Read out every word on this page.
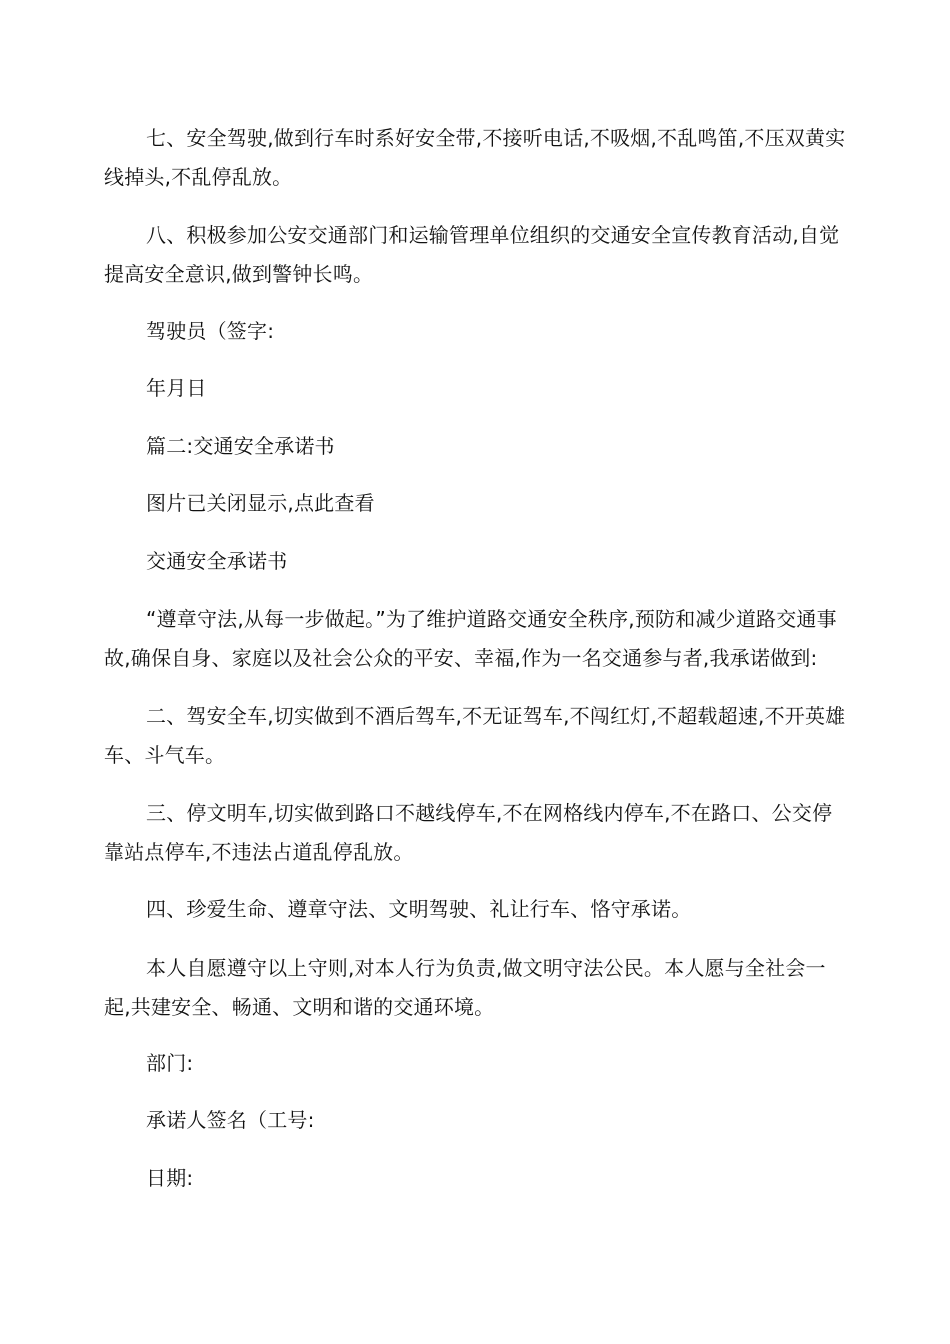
七、安全驾驶,做到行车时系好安全带,不接听电话,不吸烟,不乱鸣笛,不压双黄实线掉头,不乱停乱放。

八、积极参加公安交通部门和运输管理单位组织的交通安全宣传教育活动,自觉提高安全意识,做到警钟长鸣。

驾驶员（签字:

年月日

篇二:交通安全承诺书

图片已关闭显示,点此查看

交通安全承诺书

“遵章守法,从每一步做起。”为了维护道路交通安全秩序,预防和减少道路交通事故,确保自身、家庭以及社会公众的平安、幸福,作为一名交通参与者,我承诺做到:

二、驾安全车,切实做到不酒后驾车,不无证驾车,不闯红灯,不超载超速,不开英雄车、斗气车。

三、停文明车,切实做到路口不越线停车,不在网格线内停车,不在路口、公交停靠站点停车,不违法占道乱停乱放。

四、珍爱生命、遵章守法、文明驾驶、礼让行车、恪守承诺。

本人自愿遵守以上守则,对本人行为负责,做文明守法公民。本人愿与全社会一起,共建安全、畅通、文明和谐的交通环境。

部门:

承诺人签名（工号:

日期:
